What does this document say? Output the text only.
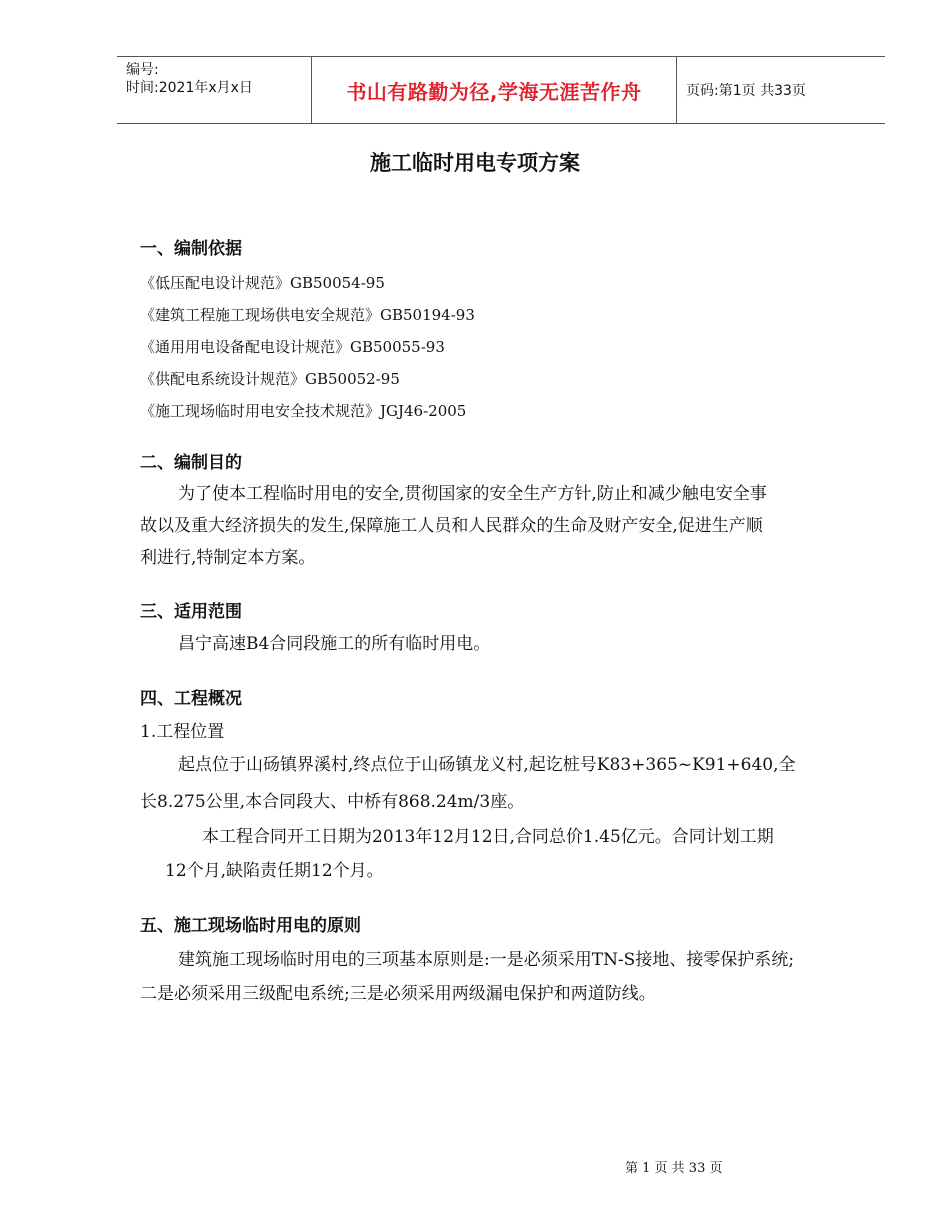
编号:
时间:2021年x月x日	书山有路勤为径,学海无涯苦作舟	页码:第1页 共33页
施工临时用电专项方案
一、编制依据
《低压配电设计规范》GB50054-95
《建筑工程施工现场供电安全规范》GB50194-93
《通用用电设备配电设计规范》GB50055-93
《供配电系统设计规范》GB50052-95
《施工现场临时用电安全技术规范》JGJ46-2005
二、编制目的
为了使本工程临时用电的安全,贯彻国家的安全生产方针,防止和减少触电安全事
故以及重大经济损失的发生,保障施工人员和人民群众的生命及财产安全,促进生产顺
利进行,特制定本方案。
三、适用范围
昌宁高速B4合同段施工的所有临时用电。
四、工程概况
1.工程位置
起点位于山砀镇界溪村,终点位于山砀镇龙义村,起讫桩号K83+365~K91+640,全
长8.275公里,本合同段大、中桥有868.24m/3座。
本工程合同开工日期为2013年12月12日,合同总价1.45亿元。合同计划工期
12个月,缺陷责任期12个月。
五、施工现场临时用电的原则
建筑施工现场临时用电的三项基本原则是:一是必须采用TN-S接地、接零保护系统;
二是必须采用三级配电系统;三是必须采用两级漏电保护和两道防线。
第 1 页 共 33 页
